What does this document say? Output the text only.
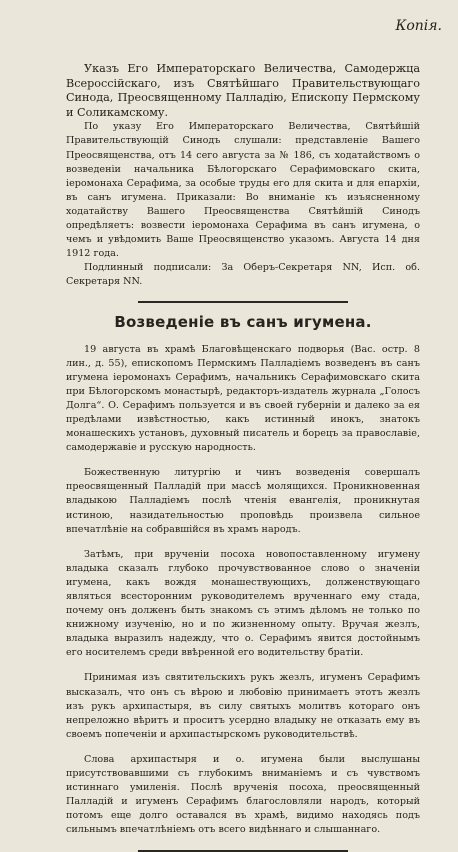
Копія.

Указъ Его Императорскаго Величества, Самодержца Всероссійскаго, изъ Святѣйшаго Правительствующаго Синода, Преосвященному Палладію, Епископу Пермскому и Соликамскому.

По указу Его Императорскаго Величества, Святѣйшій Правительствующій Синодъ слушали: представленіе Вашего Преосвященства, отъ 14 сего августа за № 186, съ ходатайствомъ о возведеніи начальника Бѣлогорскаго Серафимовскаго скита, іеромонаха Серафима, за особые труды его для скита и для епархіи, въ санъ игумена. Приказали: Во вниманіе къ изъясненному ходатайству Вашего Преосвященства Святѣйшій Синодъ опредѣляетъ: возвести іеромонаха Серафима въ санъ игумена, о чемъ и увѣдомить Ваше Преосвященство указомъ. Августа 14 дня 1912 года.

Подлинный подписали: За Оберъ-Секретаря NN, Исп. об. Секретаря NN.

Возведеніе въ санъ игумена.

19 августа въ храмѣ Благовѣщенскаго подворья (Вас. остр. 8 лин., д. 55), епископомъ Пермскимъ Палладіемъ возведенъ въ санъ игумена іеромонахъ Серафимъ, начальникъ Серафимовскаго скита при Бѣлогорскомъ монастырѣ, редакторъ-издатель журнала „Голосъ Долга“. О. Серафимъ пользуется и въ своей губерніи и далеко за ея предѣлами извѣстностью, какъ истинный инокъ, знатокъ монашескихъ установъ, духовный писатель и борецъ за православіе, самодержавіе и русскую народность.

Божественную литургію и чинъ возведенія совершалъ преосвященный Палладій при массѣ молящихся. Проникновенная владыкою Палладіемъ послѣ чтенія евангелія, проникнутая истиною, назидательностью проповѣдь произвела сильное впечатлѣніе на собравшійся въ храмъ народъ.

Затѣмъ, при врученіи посоха новопоставленному игумену владыка сказалъ глубоко прочувствованное слово о значеніи игумена, какъ вождя монашествующихъ, долженствующаго являться всесторонним руководителемъ врученнаго ему стада, почему онъ долженъ быть знакомъ съ этимъ дѣломъ не только по книжному изученію, но и по жизненному опыту. Вручая жезлъ, владыка выразилъ надежду, что о. Серафимъ явится достойнымъ его носителемъ среди ввѣренной его водительству братіи.

Принимая изъ святительскихъ рукъ жезлъ, игуменъ Серафимъ высказалъ, что онъ съ вѣрою и любовію принимаетъ этотъ жезлъ изъ рукъ архипастыря, въ силу святыхъ молитвъ котораго онъ непреложно вѣритъ и проситъ усердно владыку не отказать ему въ своемъ попеченіи и архипастырскомъ руководительствѣ.

Слова архипастыря и о. игумена были выслушаны присутствовавшими съ глубокимъ вниманіемъ и съ чувствомъ истиннаго умиленія. Послѣ врученія посоха, преосвященный Палладій и игуменъ Серафимъ благословляли народъ, который потомъ еще долго оставался въ храмѣ, видимо находясь подъ сильнымъ впечатлѣніемъ отъ всего видѣннаго и слышаннаго.
